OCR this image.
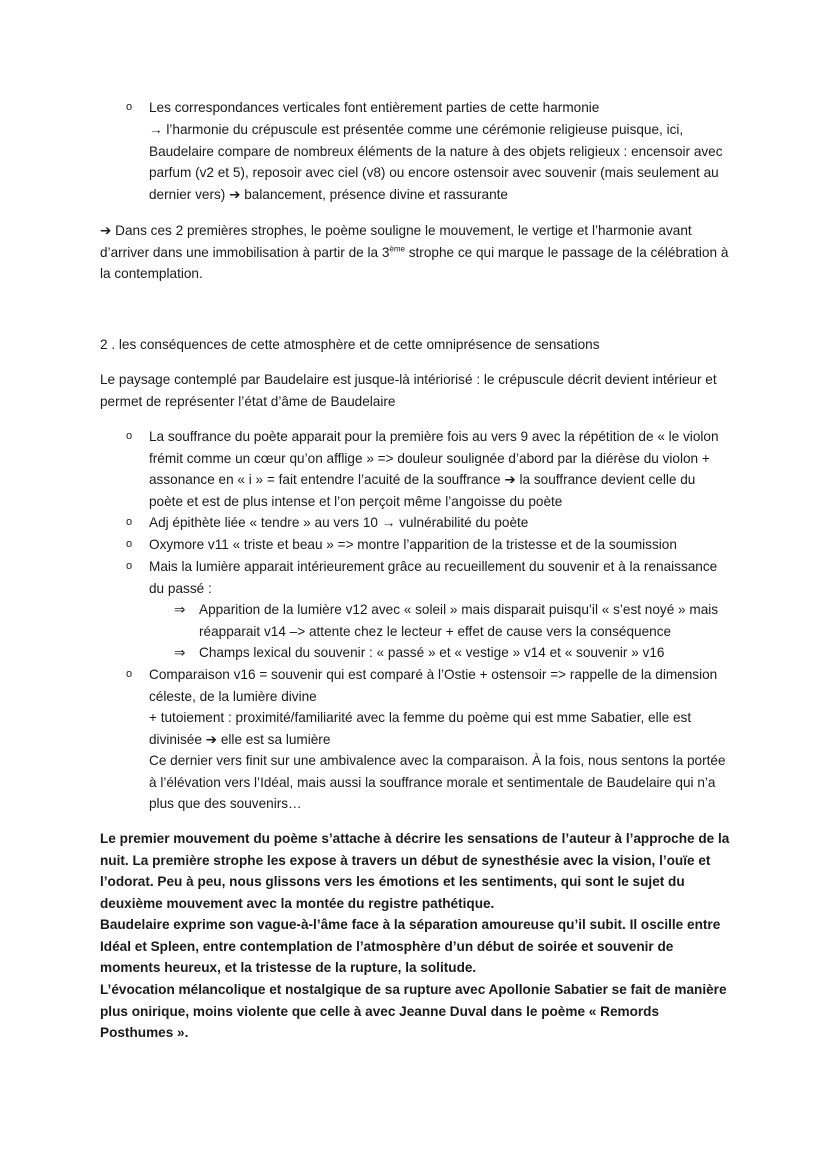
o	Les correspondances verticales font entièrement parties de cette harmonie

→ l’harmonie du crépuscule est présentée comme une cérémonie religieuse puisque, ici, Baudelaire compare de nombreux éléments de la nature à des objets religieux : encensoir avec parfum (v2 et 5), reposoir avec ciel (v8) ou encore ostensoir avec souvenir (mais seulement au dernier vers) ➔ balancement, présence divine et rassurante

➔ Dans ces 2 premières strophes, le poème souligne le mouvement, le vertige et l’harmonie avant d’arriver dans une immobilisation à partir de la 3ème strophe ce qui marque le passage de la célébration à la contemplation.

2 . les conséquences de cette atmosphère et de cette omniprésence de sensations

Le paysage contemplé par Baudelaire est jusque-là intériorisé : le crépuscule décrit devient intérieur et permet de représenter l’état d’âme de Baudelaire

o	La souffrance du poète apparait pour la première fois au vers 9 avec la répétition de « le violon frémit comme un cœur qu’on afflige » => douleur soulignée d’abord par la diérèse du violon + assonance en « i » = fait entendre l’acuité de la souffrance ➔ la souffrance devient celle du poète et est de plus intense et l’on perçoit même l’angoisse du poète

o	Adj épithète liée « tendre » au vers 10 → vulnérabilité du poète

o	Oxymore v11 « triste et beau » => montre l’apparition de la tristesse et de la soumission

o	Mais la lumière apparait intérieurement grâce au recueillement du souvenir et à la renaissance du passé :

⇒	Apparition de la lumière v12 avec « soleil » mais disparait puisqu’il « s’est noyé » mais réapparait v14 –> attente chez le lecteur + effet de cause vers la conséquence

⇒	Champs lexical du souvenir : « passé » et « vestige » v14 et « souvenir » v16

o	Comparaison v16 = souvenir qui est comparé à l’Ostie + ostensoir => rappelle de la dimension céleste, de la lumière divine

+ tutoiement : proximité/familiarité avec la femme du poème qui est mme Sabatier, elle est divinisée ➔ elle est sa lumière

Ce dernier vers finit sur une ambivalence avec la comparaison. À la fois, nous sentons la portée à l’élévation vers l’Idéal, mais aussi la souffrance morale et sentimentale de Baudelaire qui n’a plus que des souvenirs…

Le premier mouvement du poème s’attache à décrire les sensations de l’auteur à l’approche de la nuit. La première strophe les expose à travers un début de synesthésie avec la vision, l’ouïe et l’odorat. Peu à peu, nous glissons vers les émotions et les sentiments, qui sont le sujet du deuxième mouvement avec la montée du registre pathétique.

Baudelaire exprime son vague-à-l’âme face à la séparation amoureuse qu’il subit. Il oscille entre Idéal et Spleen, entre contemplation de l’atmosphère d’un début de soirée et souvenir de moments heureux, et la tristesse de la rupture, la solitude.

L’évocation mélancolique et nostalgique de sa rupture avec Apollonie Sabatier se fait de manière plus onirique, moins violente que celle à avec Jeanne Duval dans le poème « Remords Posthumes ».
